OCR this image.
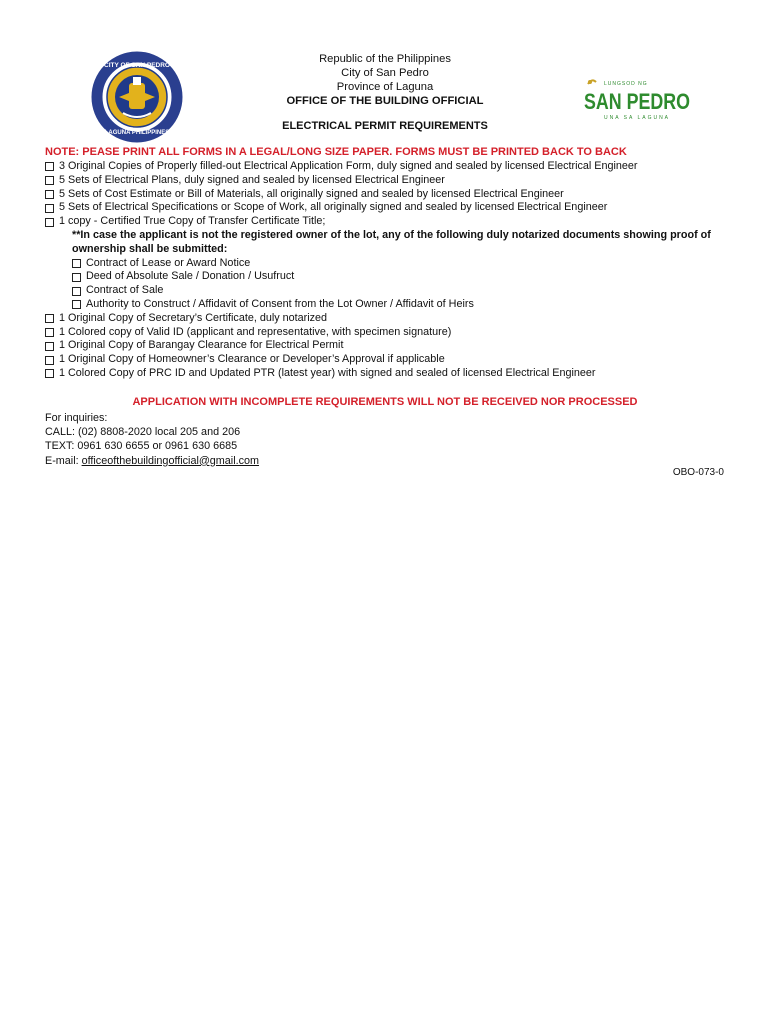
CITY OF SAN PEDRO
LAGUNA PHILIPPINES
LUNGSOD NG
SAN PEDRO
UNA SA LAGUNA
Republic of the Philippines
City of San Pedro
Province of Laguna
OFFICE OF THE BUILDING OFFICIAL
ELECTRICAL PERMIT REQUIREMENTS
NOTE: PEASE PRINT ALL FORMS IN A LEGAL/LONG SIZE PAPER. FORMS MUST BE PRINTED BACK TO BACK
3 Original Copies of Properly filled-out Electrical Application Form, duly signed and sealed by licensed Electrical Engineer
5 Sets of Electrical Plans, duly signed and sealed by licensed Electrical Engineer
5 Sets of Cost Estimate or Bill of Materials, all originally signed and sealed by licensed Electrical Engineer
5 Sets of Electrical Specifications or Scope of Work, all originally signed and sealed by licensed Electrical Engineer
1 copy - Certified True Copy of Transfer Certificate Title;
**In case the applicant is not the registered owner of the lot, any of the following duly notarized documents showing proof of ownership shall be submitted:
Contract of Lease or Award Notice
Deed of Absolute Sale / Donation / Usufruct
Contract of Sale
Authority to Construct / Affidavit of Consent from the Lot Owner / Affidavit of Heirs
1 Original Copy of Secretary’s Certificate, duly notarized
1 Colored copy of Valid ID (applicant and representative, with specimen signature)
1 Original Copy of Barangay Clearance for Electrical Permit
1 Original Copy of Homeowner’s Clearance or Developer’s Approval if applicable
1 Colored Copy of PRC ID and Updated PTR (latest year) with signed and sealed of licensed Electrical Engineer
APPLICATION WITH INCOMPLETE REQUIREMENTS WILL NOT BE RECEIVED NOR PROCESSED
For inquiries:
CALL: (02) 8808-2020 local 205 and 206
TEXT: 0961 630 6655 or 0961 630 6685
E-mail: officeofthebuildingofficial@gmail.com
OBO-073-0
